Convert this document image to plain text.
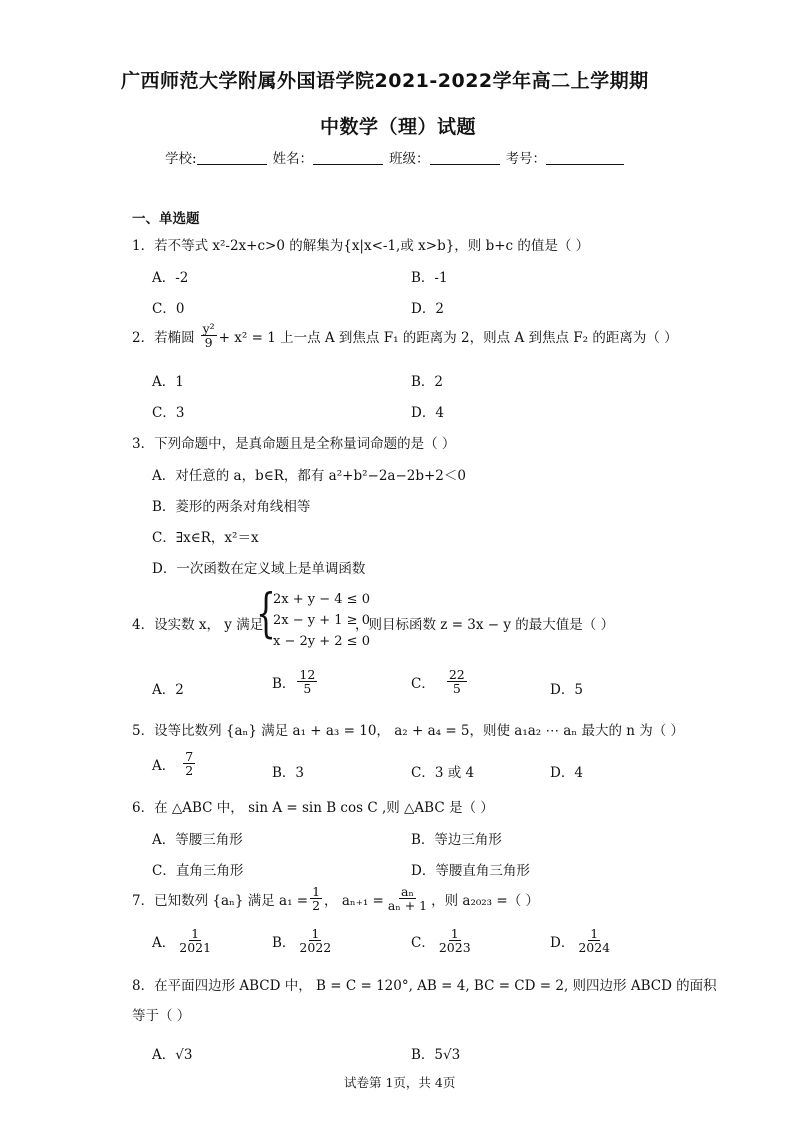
广西师范大学附属外国语学院2021-2022学年高二上学期期
中数学（理）试题
学校:	姓名：	班级：	考号：
一、单选题
1．若不等式 x²-2x+c>0 的解集为{x|x<-1,或 x>b}，则 b+c 的值是（ ）
A．-2	B．-1
C．0	D．2
2．若椭圆 $\frac{\text{y²}}{9} + x^2 = 1$ 上一点 A 到焦点 F₁ 的距离为 2，则点 A 到焦点 F₂ 的距离为（ ）
A．1	B．2
C．3	D．4
3．下列命题中，是真命题且是全称量词命题的是（ ）
A．对任意的 a，b∈R，都有 a²+b²−2a−2b+2＜0
B．菱形的两条对角线相等
C．∃x∈R，x²＝x
D．一次函数在定义域上是单调函数
4．设实数 x， y 满足
{
2x + y − 4 ≤ 0
2x − y + 1 ≥ 0
x − 2y + 2 ≤ 0
，则目标函数 z = 3x − y 的最大值是（ ）
A．2	B． $\frac{12}{5}$	C． $\frac{22}{5}$	D．5
5．设等比数列 {aₙ} 满足 a₁ + a₃ = 10， a₂ + a₄ = 5，则使 a₁a₂ ⋯ aₙ 最大的 n 为（ ）
A． $\frac{7}{2}$	B．3	C．3 或 4	D．4
6．在 △ABC 中， sin A = sin B cos C ,则 △ABC 是（ ）
A．等腰三角形	B．等边三角形
C．直角三角形	D．等腰直角三角形
7．已知数列 {aₙ} 满足 $a_1 = \frac{1}{2}$ ， $a_{n+1} = \frac{\text{aₙ}}{\text{aₙ + 1}}$ ，则 a₂₀₂₃ =（ ）
A． $\frac{1}{2021}$	B． $\frac{1}{2022}$	C． $\frac{1}{2023}$	D． $\frac{1}{2024}$
8．在平面四边形 ABCD 中， B = C = 120°, AB = 4, BC = CD = 2, 则四边形 ABCD 的面积
等于（ ）
A．√3	B．5√3
试卷第 1页，共 4页
